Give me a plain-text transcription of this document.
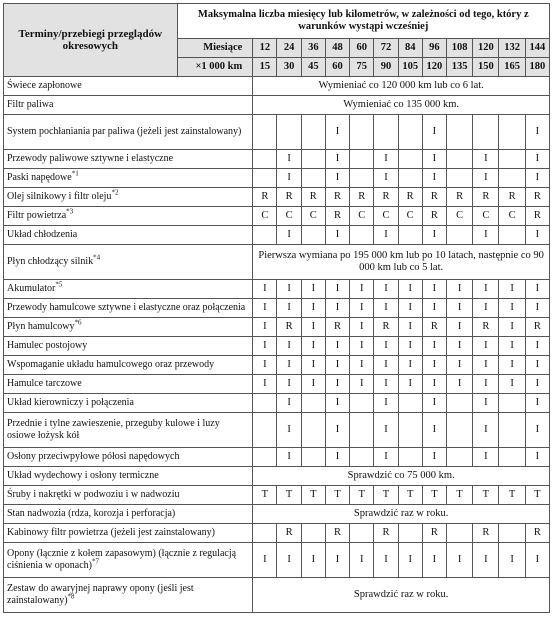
Terminy/przebiegi przeglądów okresowych	Maksymalna liczba miesięcy lub kilometrów, w zależności od tego, który z warunków wystąpi wcześniej												
	Miesiące	12	24	36	48	60	72	84	96	108	120	132	144
	×1 000 km	15	30	45	60	75	90	105	120	135	150	165	180
Świece zapłonowe		Wymieniać co 120 000 km lub co 6 lat.											
Filtr paliwa		Wymieniać co 135 000 km.											
System pochłaniania par paliwa (jeżeli jest zainstalowany)					I				I				I
Przewody paliwowe sztywne i elastyczne			I		I		I		I		I		I
Paski napędowe$^{*1}$			I		I		I		I		I		I
Olej silnikowy i filtr oleju$^{*2}$		R	R	R	R	R	R	R	R	R	R	R	R
Filtr powietrza$^{*3}$		C	C	C	R	C	C	C	R	C	C	C	R
Układ chłodzenia			I		I		I		I		I		I
Płyn chłodzący silnik$^{*4}$		Pierwsza wymiana po 195 000 km lub po 10 latach, następnie co 90 000 km lub co 5 lat.											
Akumulator$^{*5}$		I	I	I	I	I	I	I	I	I	I	I	I
Przewody hamulcowe sztywne i elastyczne oraz połączenia		I	I	I	I	I	I	I	I	I	I	I	I
Płyn hamulcowy$^{*6}$		I	R	I	R	I	R	I	R	I	R	I	R
Hamulec postojowy		I	I	I	I	I	I	I	I	I	I	I	I
Wspomaganie układu hamulcowego oraz przewody		I	I	I	I	I	I	I	I	I	I	I	I
Hamulce tarczowe		I	I	I	I	I	I	I	I	I	I	I	I
Układ kierowniczy i połączenia			I		I		I		I		I		I
Przednie i tylne zawieszenie, przeguby kulowe i luzy osiowe łożysk kół			I		I		I		I		I		I
Osłony przeciwpyłowe półosi napędowych			I		I		I		I		I		I
Układ wydechowy i osłony termiczne		Sprawdzić co 75 000 km.											
Śruby i nakrętki w podwoziu i w nadwoziu		T	T	T	T	T	T	T	T	T	T	T	T
Stan nadwozia (rdza, korozja i perforacja)		Sprawdzić raz w roku.											
Kabinowy filtr powietrza (jeżeli jest zainstalowany)			R		R		R		R		R		R
Opony (łącznie z kołem zapasowym) (łącznie z regulacją ciśnienia w oponach)$^{*7}$		I	I	I	I	I	I	I	I	I	I	I	I
Zestaw do awaryjnej naprawy opony (jeśli jest zainstalowany)$^{*8}$		Sprawdzić raz w roku.											
